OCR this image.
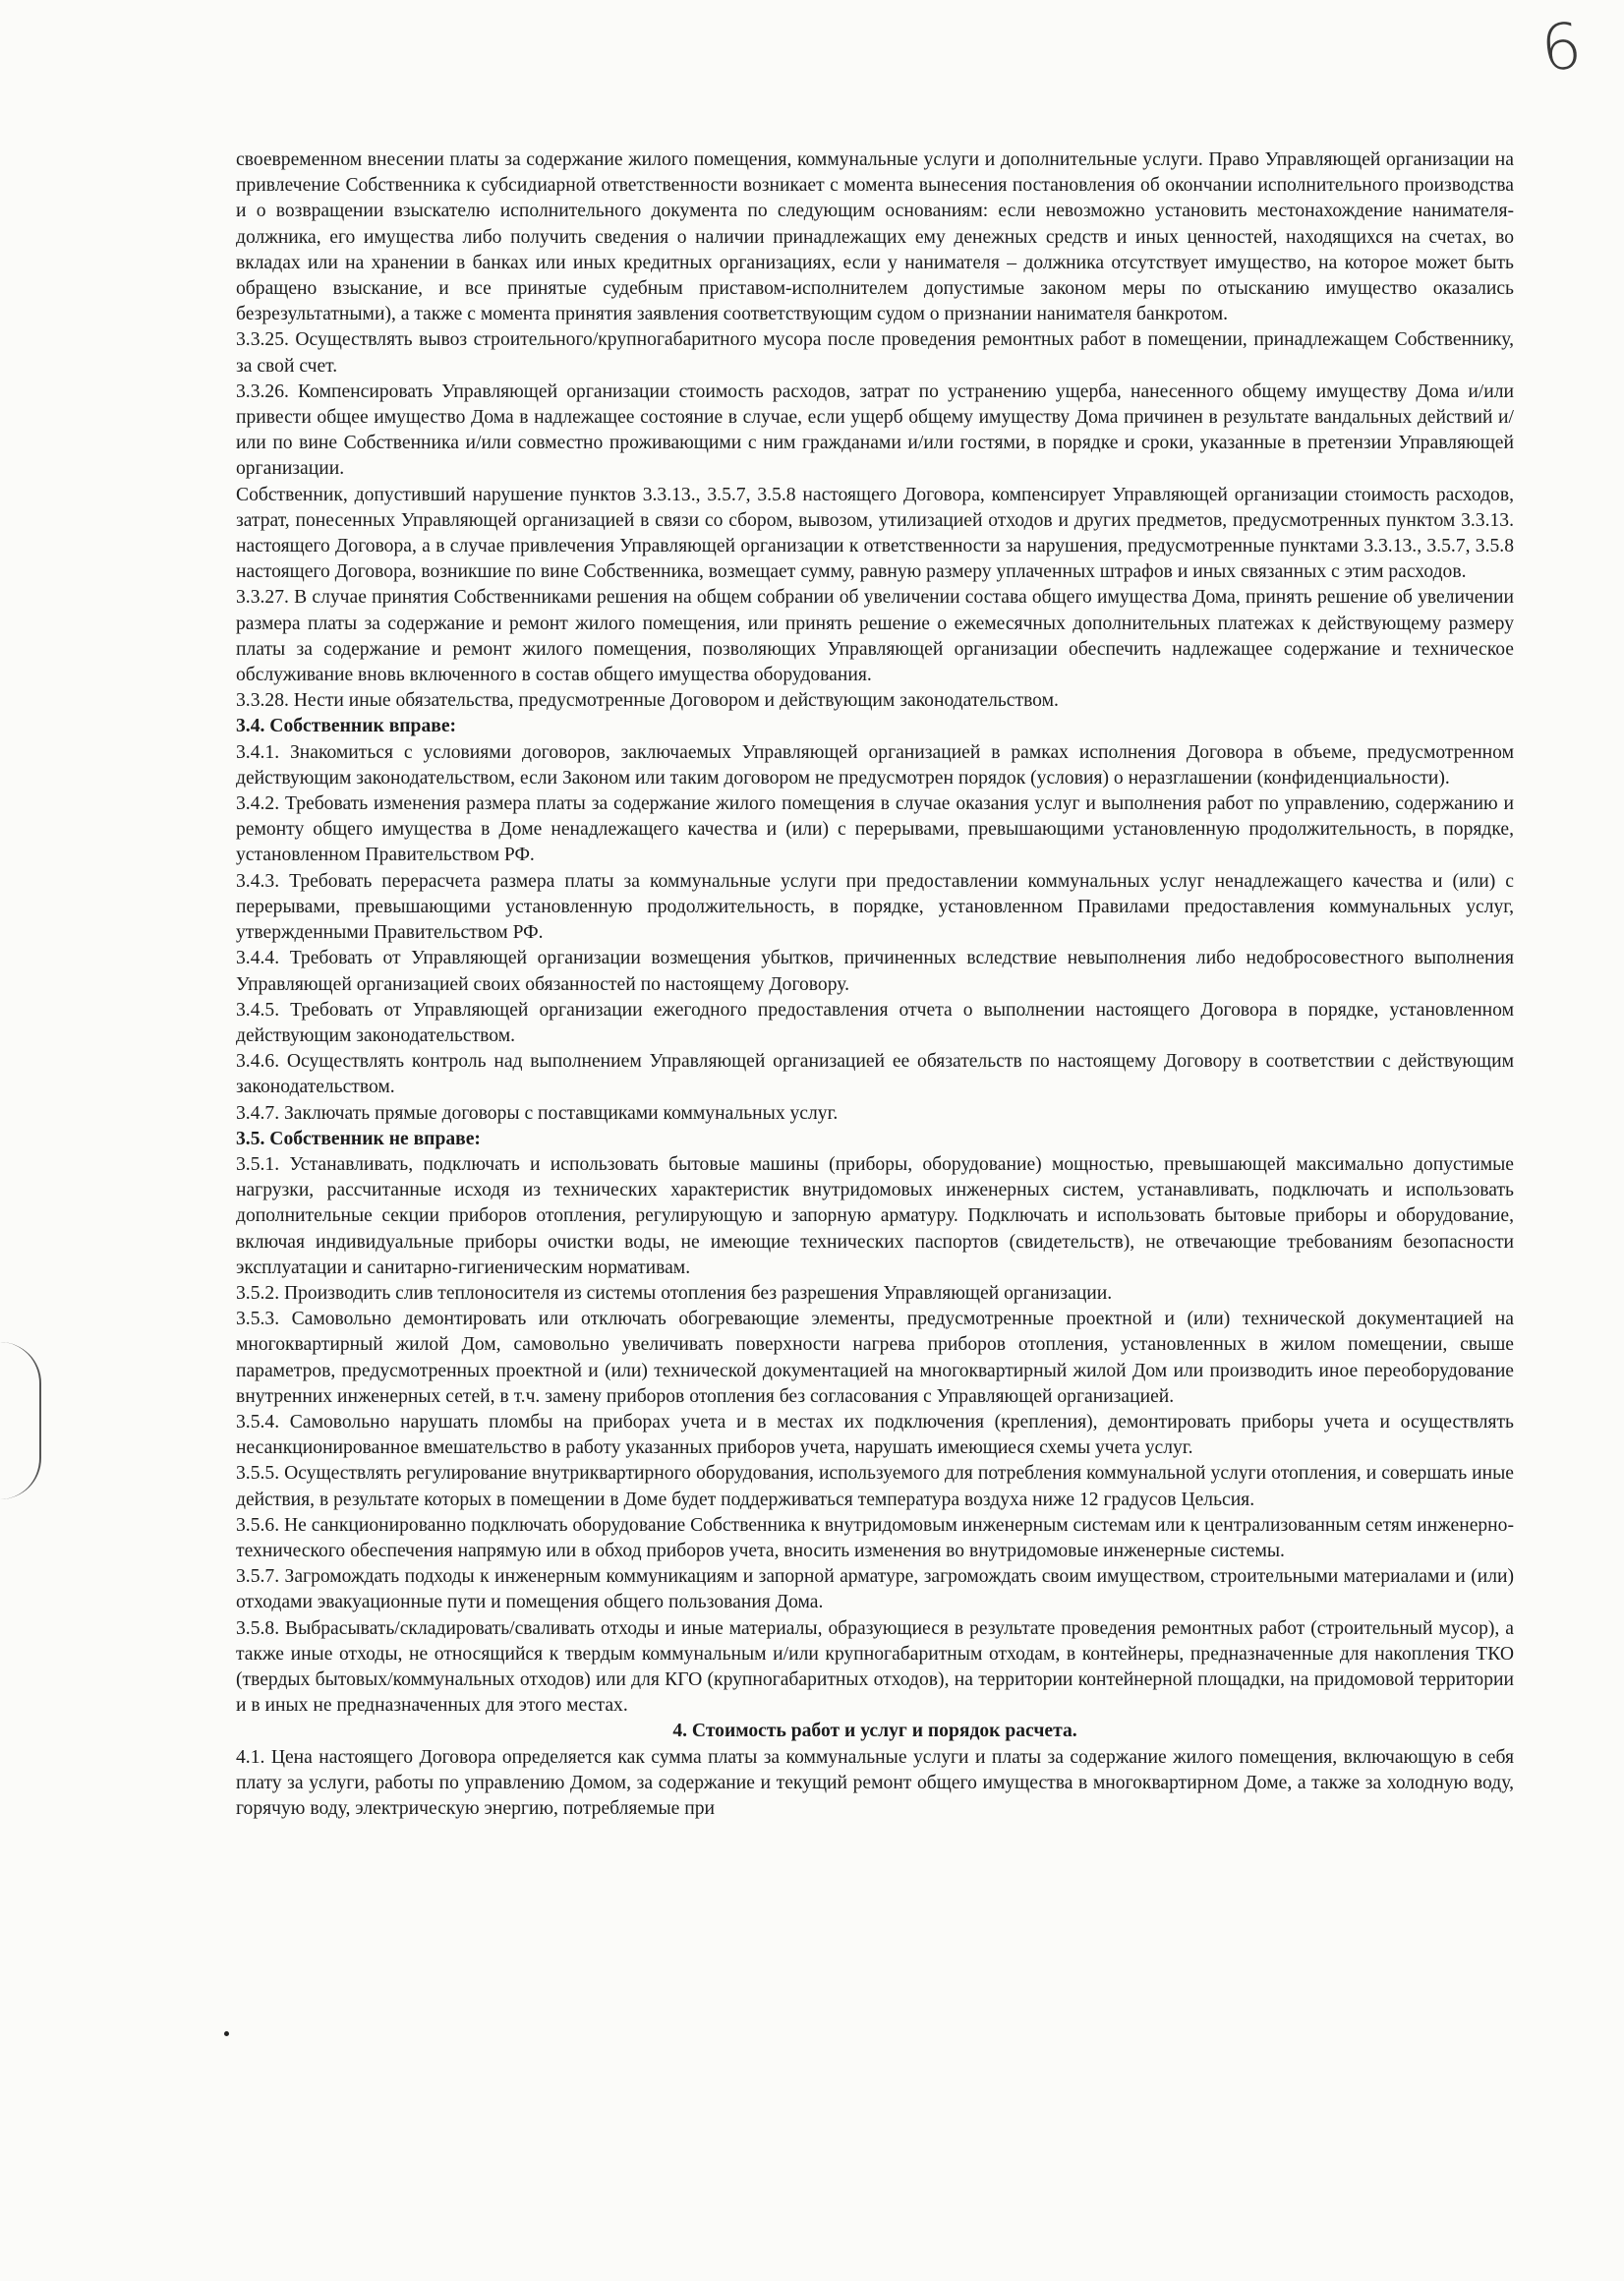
6

своевременном внесении платы за содержание жилого помещения, коммунальные услуги и дополнительные услуги. Право Управляющей организации на привлечение Собственника к субсидиарной ответственности возникает с момента вынесения постановления об окончании исполнительного производства и о возвращении взыскателю исполнительного документа по следующим основаниям: если невозможно установить местонахождение нанимателя-должника, его имущества либо получить сведения о наличии принадлежащих ему денежных средств и иных ценностей, находящихся на счетах, во вкладах или на хранении в банках или иных кредитных организациях, если у нанимателя – должника отсутствует имущество, на которое может быть обращено взыскание, и все принятые судебным приставом-исполнителем допустимые законом меры по отысканию имущество оказались безрезультатными), а также с момента принятия заявления соответствующим судом о признании нанимателя банкротом.

3.3.25. Осуществлять вывоз строительного/крупногабаритного мусора после проведения ремонтных работ в помещении, принадлежащем Собственнику, за свой счет.

3.3.26. Компенсировать Управляющей организации стоимость расходов, затрат по устранению ущерба, нанесенного общему имуществу Дома и/или привести общее имущество Дома в надлежащее состояние в случае, если ущерб общему имуществу Дома причинен в результате вандальных действий и/или по вине Собственника и/или совместно проживающими с ним гражданами и/или гостями, в порядке и сроки, указанные в претензии Управляющей организации.

Собственник, допустивший нарушение пунктов 3.3.13., 3.5.7, 3.5.8 настоящего Договора, компенсирует Управляющей организации стоимость расходов, затрат, понесенных Управляющей организацией в связи со сбором, вывозом, утилизацией отходов и других предметов, предусмотренных пунктом 3.3.13. настоящего Договора, а в случае привлечения Управляющей организации к ответственности за нарушения, предусмотренные пунктами 3.3.13., 3.5.7, 3.5.8 настоящего Договора, возникшие по вине Собственника, возмещает сумму, равную размеру уплаченных штрафов и иных связанных с этим расходов.

3.3.27. В случае принятия Собственниками решения на общем собрании об увеличении состава общего имущества Дома, принять решение об увеличении размера платы за содержание и ремонт жилого помещения, или принять решение о ежемесячных дополнительных платежах к действующему размеру платы за содержание и ремонт жилого помещения, позволяющих Управляющей организации обеспечить надлежащее содержание и техническое обслуживание вновь включенного в состав общего имущества оборудования.

3.3.28. Нести иные обязательства, предусмотренные Договором и действующим законодательством.

3.4. Собственник вправе:

3.4.1. Знакомиться с условиями договоров, заключаемых Управляющей организацией в рамках исполнения Договора в объеме, предусмотренном действующим законодательством, если Законом или таким договором не предусмотрен порядок (условия) о неразглашении (конфиденциальности).

3.4.2. Требовать изменения размера платы за содержание жилого помещения в случае оказания услуг и выполнения работ по управлению, содержанию и ремонту общего имущества в Доме ненадлежащего качества и (или) с перерывами, превышающими установленную продолжительность, в порядке, установленном Правительством РФ.

3.4.3. Требовать перерасчета размера платы за коммунальные услуги при предоставлении коммунальных услуг ненадлежащего качества и (или) с перерывами, превышающими установленную продолжительность, в порядке, установленном Правилами предоставления коммунальных услуг, утвержденными Правительством РФ.

3.4.4. Требовать от Управляющей организации возмещения убытков, причиненных вследствие невыполнения либо недобросовестного выполнения Управляющей организацией своих обязанностей по настоящему Договору.

3.4.5. Требовать от Управляющей организации ежегодного предоставления отчета о выполнении настоящего Договора в порядке, установленном действующим законодательством.

3.4.6. Осуществлять контроль над выполнением Управляющей организацией ее обязательств по настоящему Договору в соответствии с действующим законодательством.

3.4.7. Заключать прямые договоры с поставщиками коммунальных услуг.

3.5. Собственник не вправе:

3.5.1. Устанавливать, подключать и использовать бытовые машины (приборы, оборудование) мощностью, превышающей максимально допустимые нагрузки, рассчитанные исходя из технических характеристик внутридомовых инженерных систем, устанавливать, подключать и использовать дополнительные секции приборов отопления, регулирующую и запорную арматуру. Подключать и использовать бытовые приборы и оборудование, включая индивидуальные приборы очистки воды, не имеющие технических паспортов (свидетельств), не отвечающие требованиям безопасности эксплуатации и санитарно-гигиеническим нормативам.

3.5.2. Производить слив теплоносителя из системы отопления без разрешения Управляющей организации.

3.5.3. Самовольно демонтировать или отключать обогревающие элементы, предусмотренные проектной и (или) технической документацией на многоквартирный жилой Дом, самовольно увеличивать поверхности нагрева приборов отопления, установленных в жилом помещении, свыше параметров, предусмотренных проектной и (или) технической документацией на многоквартирный жилой Дом или производить иное переоборудование внутренних инженерных сетей, в т.ч. замену приборов отопления без согласования с Управляющей организацией.

3.5.4. Самовольно нарушать пломбы на приборах учета и в местах их подключения (крепления), демонтировать приборы учета и осуществлять несанкционированное вмешательство в работу указанных приборов учета, нарушать имеющиеся схемы учета услуг.

3.5.5. Осуществлять регулирование внутриквартирного оборудования, используемого для потребления коммунальной услуги отопления, и совершать иные действия, в результате которых в помещении в Доме будет поддерживаться температура воздуха ниже 12 градусов Цельсия.

3.5.6. Не санкционированно подключать оборудование Собственника к внутридомовым инженерным системам или к централизованным сетям инженерно-технического обеспечения напрямую или в обход приборов учета, вносить изменения во внутридомовые инженерные системы.

3.5.7. Загромождать подходы к инженерным коммуникациям и запорной арматуре, загромождать своим имуществом, строительными материалами и (или) отходами эвакуационные пути и помещения общего пользования Дома.

3.5.8. Выбрасывать/складировать/сваливать отходы и иные материалы, образующиеся в результате проведения ремонтных работ (строительный мусор), а также иные отходы, не относящийся к твердым коммунальным и/или крупногабаритным отходам, в контейнеры, предназначенные для накопления ТКО (твердых бытовых/коммунальных отходов) или для КГО (крупногабаритных отходов), на территории контейнерной площадки, на придомовой территории и в иных не предназначенных для этого местах.

4. Стоимость работ и услуг и порядок расчета.

4.1. Цена настоящего Договора определяется как сумма платы за коммунальные услуги и платы за содержание жилого помещения, включающую в себя плату за услуги, работы по управлению Домом, за содержание и текущий ремонт общего имущества в многоквартирном Доме, а также за холодную воду, горячую воду, электрическую энергию, потребляемые при
